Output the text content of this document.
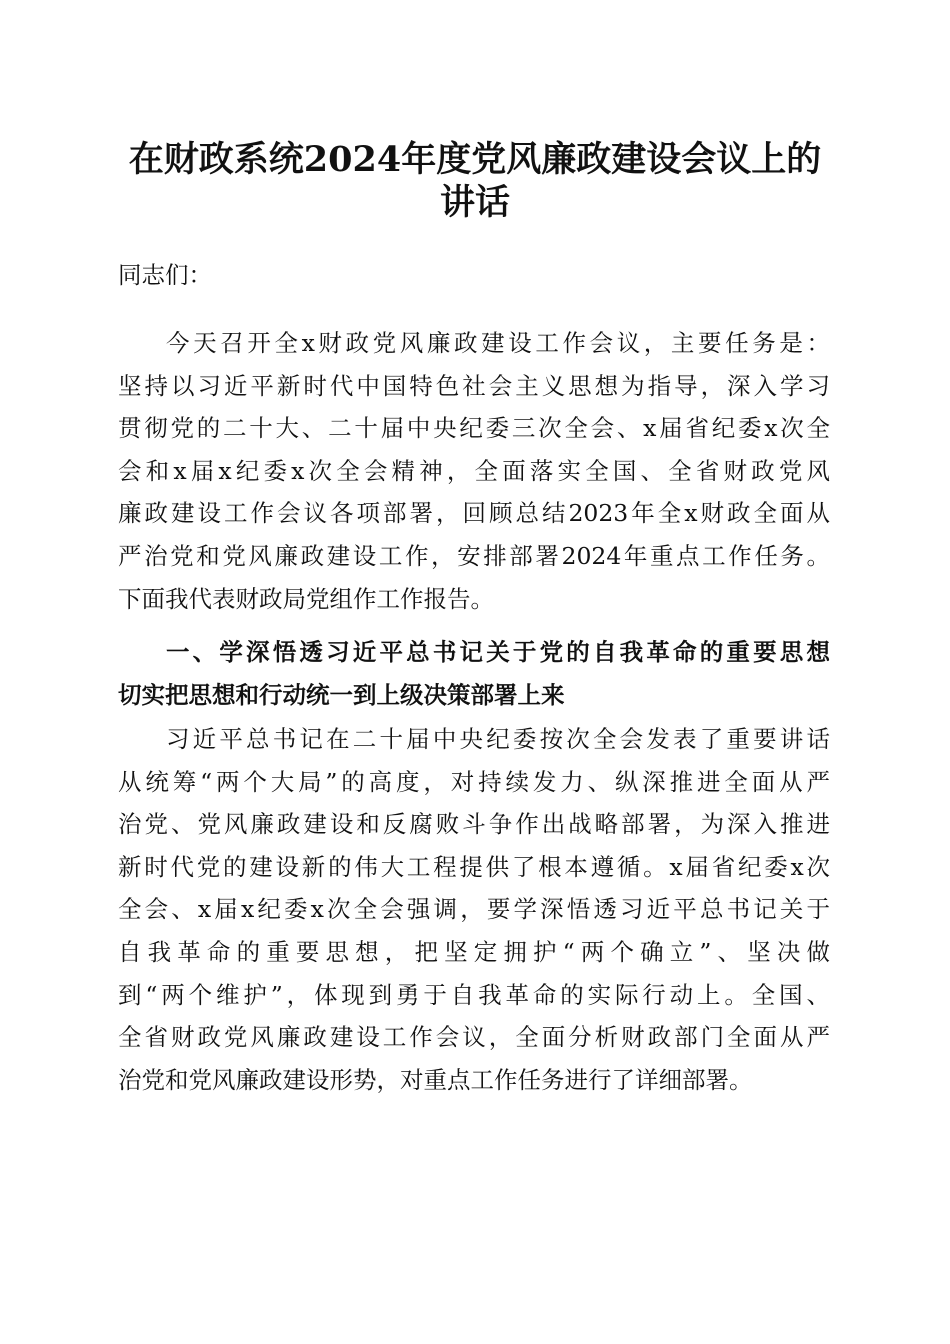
在财政系统2024年度党风廉政建设会议上的
讲话
同志们：
今天召开全x财政党风廉政建设工作会议，主要任务是：
坚持以习近平新时代中国特色社会主义思想为指导，深入学习
贯彻党的二十大、二十届中央纪委三次全会、x届省纪委x次全
会和x届x纪委x次全会精神，全面落实全国、全省财政党风
廉政建设工作会议各项部署，回顾总结2023年全x财政全面从
严治党和党风廉政建设工作，安排部署2024年重点工作任务。
下面我代表财政局党组作工作报告。
一、学深悟透习近平总书记关于党的自我革命的重要思想
切实把思想和行动统一到上级决策部署上来
习近平总书记在二十届中央纪委按次全会发表了重要讲话
从统筹“两个大局”的高度，对持续发力、纵深推进全面从严
治党、党风廉政建设和反腐败斗争作出战略部署，为深入推进
新时代党的建设新的伟大工程提供了根本遵循。x届省纪委x次
全会、x届x纪委x次全会强调，要学深悟透习近平总书记关于
自我革命的重要思想，把坚定拥护“两个确立”、坚决做
到“两个维护”，体现到勇于自我革命的实际行动上。全国、
全省财政党风廉政建设工作会议，全面分析财政部门全面从严
治党和党风廉政建设形势，对重点工作任务进行了详细部署。
